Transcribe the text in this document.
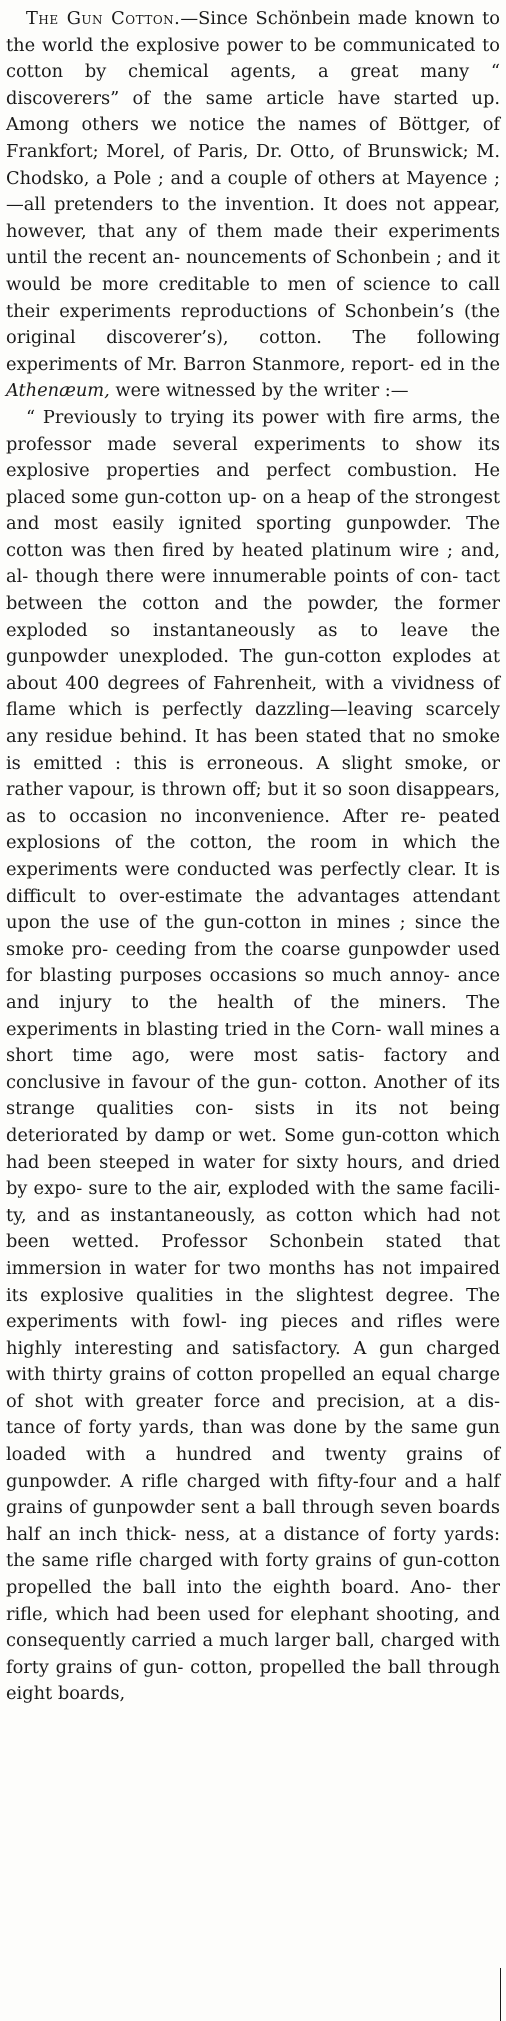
The Gun Cotton.—Since Schönbein made known to the world the explosive power to be communicated to cotton by chemical agents, a great many “ discoverers” of the same article have started up. Among others we notice the names of Böttger, of Frankfort; Morel, of Paris, Dr. Otto, of Brunswick; M. Chodsko, a Pole ; and a couple of others at Mayence ;—all pretenders to the invention. It does not appear, however, that any of them made their experiments until the recent an- nouncements of Schonbein ; and it would be more creditable to men of science to call their experiments reproductions of Schonbein’s (the original discoverer’s), cotton. The following experiments of Mr. Barron Stanmore, report- ed in the Athenæum, were witnessed by the writer :—

“ Previously to trying its power with fire arms, the professor made several experiments to show its explosive properties and perfect combustion. He placed some gun-cotton up- on a heap of the strongest and most easily ignited sporting gunpowder. The cotton was then fired by heated platinum wire ; and, al- though there were innumerable points of con- tact between the cotton and the powder, the former exploded so instantaneously as to leave the gunpowder unexploded. The gun-cotton explodes at about 400 degrees of Fahrenheit, with a vividness of flame which is perfectly dazzling—leaving scarcely any residue behind. It has been stated that no smoke is emitted : this is erroneous. A slight smoke, or rather vapour, is thrown off; but it so soon disappears, as to occasion no inconvenience. After re- peated explosions of the cotton, the room in which the experiments were conducted was perfectly clear. It is difficult to over-estimate the advantages attendant upon the use of the gun-cotton in mines ; since the smoke pro- ceeding from the coarse gunpowder used for blasting purposes occasions so much annoy- ance and injury to the health of the miners. The experiments in blasting tried in the Corn- wall mines a short time ago, were most satis- factory and conclusive in favour of the gun- cotton. Another of its strange qualities con- sists in its not being deteriorated by damp or wet. Some gun-cotton which had been steeped in water for sixty hours, and dried by expo- sure to the air, exploded with the same facili- ty, and as instantaneously, as cotton which had not been wetted. Professor Schonbein stated that immersion in water for two months has not impaired its explosive qualities in the slightest degree. The experiments with fowl- ing pieces and rifles were highly interesting and satisfactory. A gun charged with thirty grains of cotton propelled an equal charge of shot with greater force and precision, at a dis- tance of forty yards, than was done by the same gun loaded with a hundred and twenty grains of gunpowder. A rifle charged with fifty-four and a half grains of gunpowder sent a ball through seven boards half an inch thick- ness, at a distance of forty yards: the same rifle charged with forty grains of gun-cotton propelled the ball into the eighth board. Ano- ther rifle, which had been used for elephant shooting, and consequently carried a much larger ball, charged with forty grains of gun- cotton, propelled the ball through eight boards,
